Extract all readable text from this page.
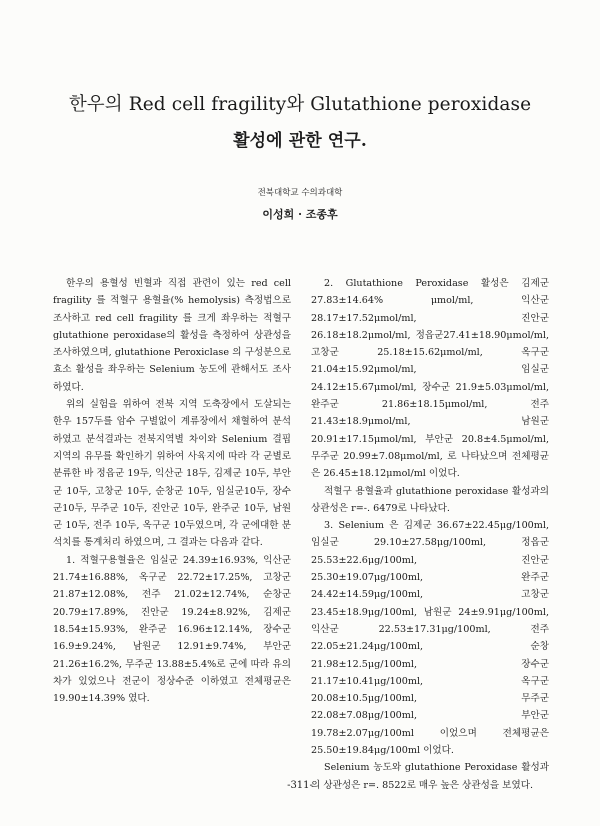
한우의 Red cell fragility와 Glutathione peroxidase
활성에 관한 연구.
전북대학교 수의과대학
이성희 · 조종후

한우의 용혈성 빈혈과 직접 관련이 있는 red cell fragility 를 적혈구 용혈율(% hemolysis) 측정법으로 조사하고 red cell fragility 를 크게 좌우하는 적혈구 glutathione peroxidase의 활성을 측정하여 상관성을 조사하였으며, glutathione Peroxiclase 의 구성분으로 효소 활성을 좌우하는 Selenium 농도에 관해서도 조사 하였다.

위의 실험을 위하여 전북 지역 도축장에서 도살되는 한우 157두를 암수 구별없이 계류장에서 채혈하여 분석하였고 분석결과는 전북지역별 차이와 Selenium 결핍 지역의 유무를 확인하기 위하여 사육지에 따라 각 군별로 분류한 바 정읍군 19두, 익산군 18두, 김제군 10두, 부안군 10두, 고창군 10두, 순창군 10두, 임실군10두, 장수군10두, 무주군 10두, 진안군 10두, 완주군 10두, 남원군 10두, 전주 10두, 옥구군 10두였으며, 각 군에대한 분석치를 통계처리 하였으며, 그 결과는 다음과 같다.

1. 적혈구용혈율은 임실군 24.39±16.93%, 익산군 21.74±16.88%, 옥구군 22.72±17.25%, 고창군 21.87±12.08%, 전주 21.02±12.74%, 순창군 20.79±17.89%, 진안군 19.24±8.92%, 김제군 18.54±15.93%, 완주군 16.96±12.14%, 장수군 16.9±9.24%, 남원군 12.91±9.74%, 부안군 21.26±16.2%, 무주군 13.88±5.4%로 군에 따라 유의차가 있었으나 전군이 정상수준 이하였고 전체평균은 19.90±14.39% 였다.

2. Glutathione Peroxidase 활성은 김제군 27.83±14.64% μmol/ml, 익산군 28.17±17.52μmol/ml, 진안군 26.18±18.2μmol/ml, 정읍군27.41±18.90μmol/ml, 고창군 25.18±15.62μmol/ml, 옥구군 21.04±15.92μmol/ml, 임실군 24.12±15.67μmol/ml, 장수군 21.9±5.03μmol/ml, 완주군 21.86±18.15μmol/ml, 전주 21.43±18.9μmol/ml, 남원군 20.91±17.15μmol/ml, 부안군 20.8±4.5μmol/ml, 무주군 20.99±7.08μmol/ml, 로 나타났으며 전체평균은 26.45±18.12μmol/ml 이었다.

적혈구 용혈율과 glutathione peroxidase 활성과의 상관성은 r=-. 6479로 나타났다.

3. Selenium 은 김제군 36.67±22.45μg/100ml, 임실군 29.10±27.58μg/100ml, 정읍군 25.53±22.6μg/100ml, 진안군 25.30±19.07μg/100ml, 완주군 24.42±14.59μg/100ml, 고창군 23.45±18.9μg/100ml, 남원군 24±9.91μg/100ml, 익산군 22.53±17.31μg/100ml, 전주 22.05±21.24μg/100ml, 순창 21.98±12.5μg/100ml, 장수군 21.17±10.41μg/100ml, 옥구군 20.08±10.5μg/100ml, 무주군 22.08±7.08μg/100ml, 부안군 19.78±2.07μg/100ml 이었으며 전체평균은 25.50±19.84μg/100ml 이었다.

Selenium 농도와 glutathione Peroxidase 활성과의 상관성은 r=. 8522로 매우 높은 상관성을 보였다.

-311-
